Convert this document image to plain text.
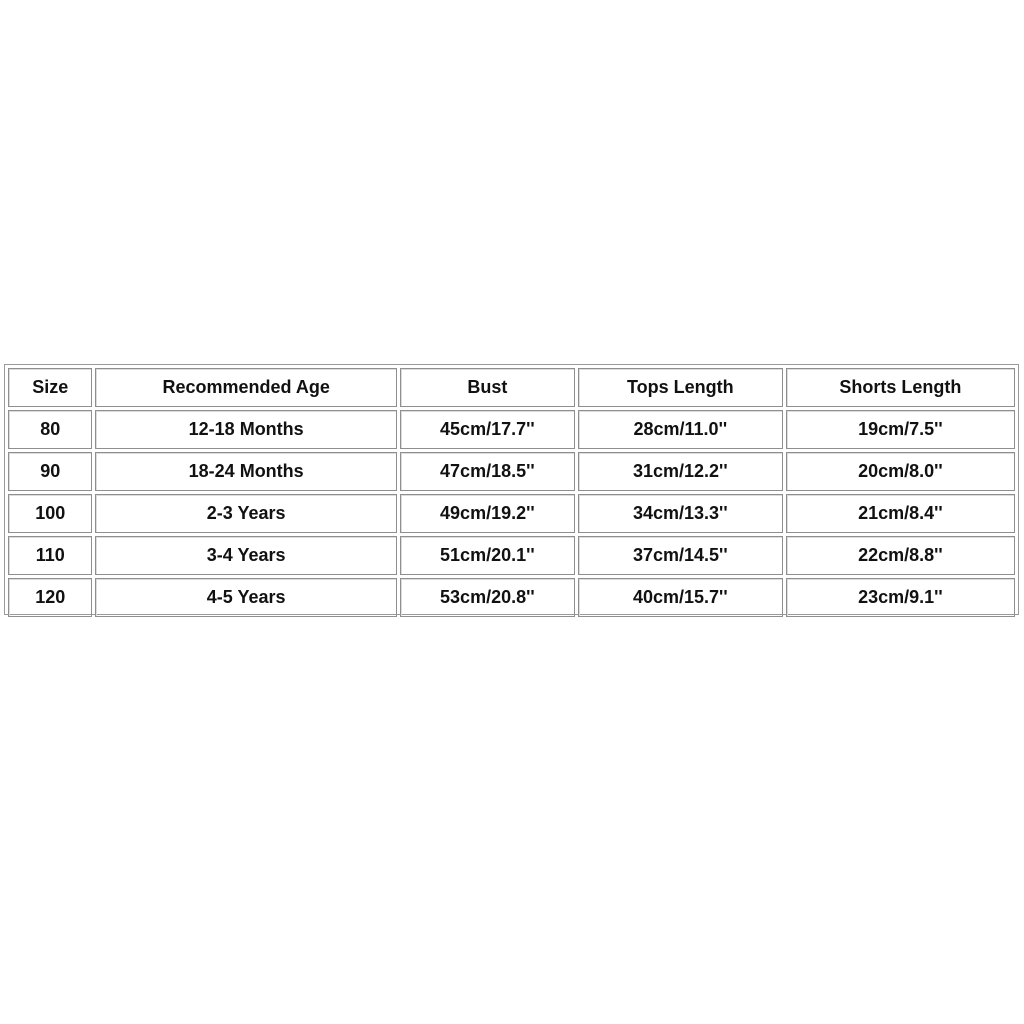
Size	Recommended Age	Bust	Tops Length	Shorts Length
80	12-18 Months	45cm/17.7''	28cm/11.0''	19cm/7.5''
90	18-24 Months	47cm/18.5''	31cm/12.2''	20cm/8.0''
100	2-3 Years	49cm/19.2''	34cm/13.3''	21cm/8.4''
110	3-4 Years	51cm/20.1''	37cm/14.5''	22cm/8.8''
120	4-5 Years	53cm/20.8''	40cm/15.7''	23cm/9.1''
